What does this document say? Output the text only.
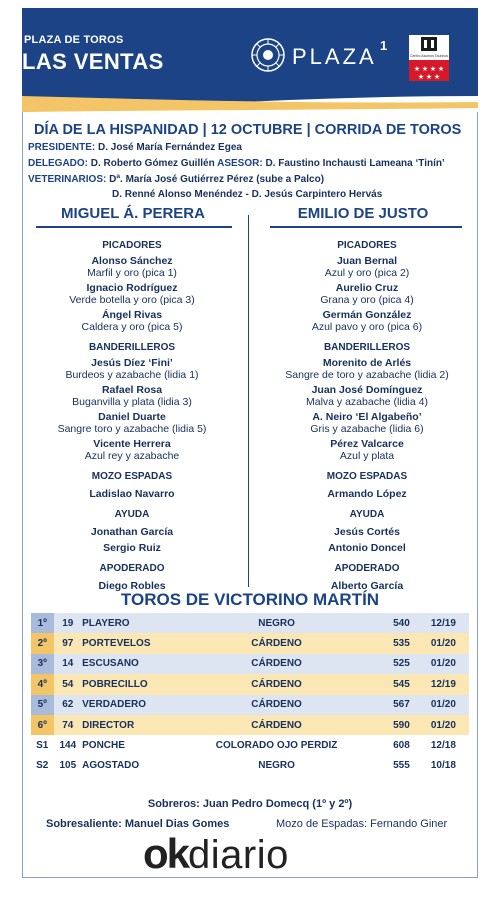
PLAZA DE TOROS
LAS VENTAS	PLAZA 1
Centro Asuntos Taurinos
★ ★ ★ ★
★ ★ ★
DÍA DE LA HISPANIDAD | 12 OCTUBRE | CORRIDA DE TOROS
PRESIDENTE: D. José María Fernández Egea
DELEGADO: D. Roberto Gómez Guillén ASESOR: D. Faustino Inchausti Lameana ‘Tinín’
VETERINARIOS: Dª. María José Gutiérrez Pérez (sube a Palco)
D. Renné Alonso Menéndez - D. Jesús Carpintero Hervás
MIGUEL Á. PERERA	EMILIO DE JUSTO
PICADORES
Alonso Sánchez
Marfil y oro (pica 1)
Ignacio Rodríguez
Verde botella y oro (pica 3)
Ángel Rivas
Caldera y oro (pica 5)
BANDERILLEROS
Jesús Díez ‘Fini’
Burdeos y azabache (lidia 1)
Rafael Rosa
Buganvilla y plata (lidia 3)
Daniel Duarte
Sangre toro y azabache (lidia 5)
Vicente Herrera
Azul rey y azabache
MOZO ESPADAS
Ladislao Navarro
AYUDA
Jonathan García
Sergio Ruiz
APODERADO
Diego Robles
PICADORES
Juan Bernal
Azul y oro (pica 2)
Aurelio Cruz
Grana y oro (pica 4)
Germán González
Azul pavo y oro (pica 6)
BANDERILLEROS
Morenito de Arlés
Sangre de toro y azabache (lidia 2)
Juan José Domínguez
Malva y azabache (lidia 4)
A. Neiro ‘El Algabeño’
Gris y azabache (lidia 6)
Pérez Valcarce
Azul y plata
MOZO ESPADAS
Armando López
AYUDA
Jesús Cortés
Antonio Doncel
APODERADO
Alberto García
TOROS DE VICTORINO MARTÍN
1º	19	PLAYERO	NEGRO	540	12/19
2º	97	PORTEVELOS	CÁRDENO	535	01/20
3º	14	ESCUSANO	CÁRDENO	525	01/20
4º	54	POBRECILLO	CÁRDENO	545	12/19
5º	62	VERDADERO	CÁRDENO	567	01/20
6º	74	DIRECTOR	CÁRDENO	590	01/20
S1	144	PONCHE	COLORADO OJO PERDIZ	608	12/18
S2	105	AGOSTADO	NEGRO	555	10/18
Sobreros: Juan Pedro Domecq (1º y 2º)
Sobresaliente: Manuel Dias Gomes	Mozo de Espadas: Fernando Giner
okdiario
